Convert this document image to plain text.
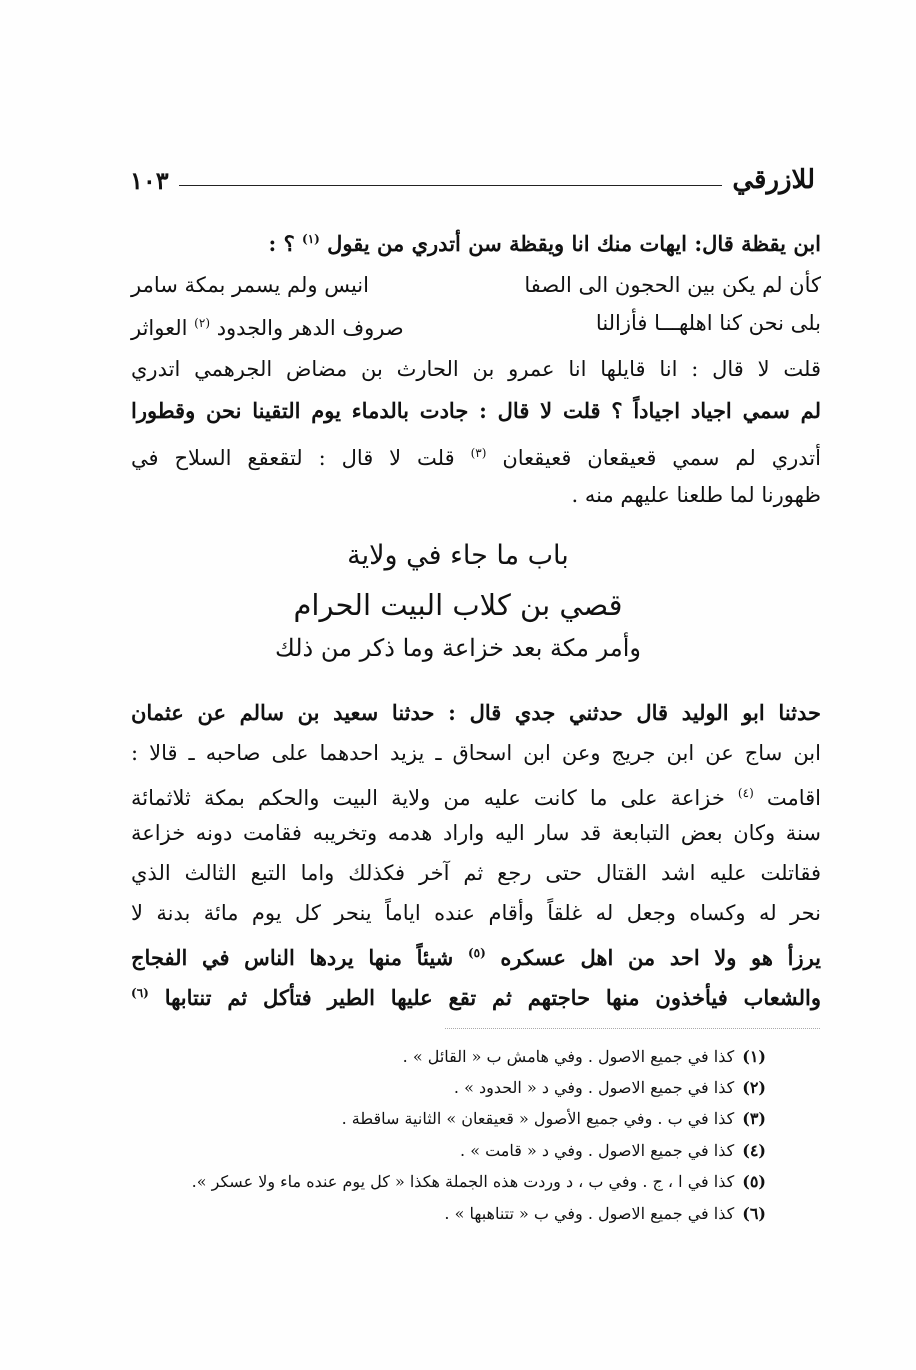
للازرقي
١٠٣
ابن يقظة قال: ايهات منك انا ويقظة سن أتدري من يقول $^{(١)}$ ؟ :
كأن لم يكن بين الحجون الى الصفا
انيس ولم يسمر بمكة سامر
بلى نحن كنا اهلهـــا فأزالنا
صروف الدهر والجدود $^{(٢)}$ العواثر
قلت لا قال : انا قايلها انا عمرو بن الحارث بن مضاض الجرهمي اتدري
لم سمي اجياد اجياداً ؟ قلت لا قال : جادت بالدماء يوم التقينا نحن وقطورا
أتدري لم سمي قعيقعان قعيقعان $^{(٣)}$ قلت لا قال : لتقعقع السلاح في
ظهورنا لما طلعنا عليهم منه .
باب ما جاء في ولاية
قصي بن كلاب البيت الحرام
وأمر مكة بعد خزاعة وما ذكر من ذلك
حدثنا ابو الوليد قال حدثني جدي قال : حدثنا سعيد بن سالم عن عثمان
ابن ساج عن ابن جريج وعن ابن اسحاق ـ يزيد احدهما على صاحبه ـ قالا :
اقامت $^{(٤)}$ خزاعة على ما كانت عليه من ولاية البيت والحكم بمكة ثلاثمائة
سنة وكان بعض التبابعة قد سار اليه واراد هدمه وتخريبه فقامت دونه خزاعة
فقاتلت عليه اشد القتال حتى رجع ثم آخر فكذلك واما التبع الثالث الذي
نحر له وكساه وجعل له غلقاً وأقام عنده اياماً ينحر كل يوم مائة بدنة لا
يرزأ هو ولا احد من اهل عسكره $^{(٥)}$ شيئاً منها يردها الناس في الفجاج
والشعاب فيأخذون منها حاجتهم ثم تقع عليها الطير فتأكل ثم تنتابها $^{(٦)}$
(١)كذا في جميع الاصول . وفي هامش ب « القائل » .
(٢)كذا في جميع الاصول . وفي د « الحدود » .
(٣)كذا في ب . وفي جميع الأصول « قعيقعان » الثانية ساقطة .
(٤)كذا في جميع الاصول . وفي د « قامت » .
(٥)كذا في ا ، ج . وفي ب ، د وردت هذه الجملة هكذا « كل يوم عنده ماء ولا عسكر ».
(٦)كذا في جميع الاصول . وفي ب « تتناهبها » .
